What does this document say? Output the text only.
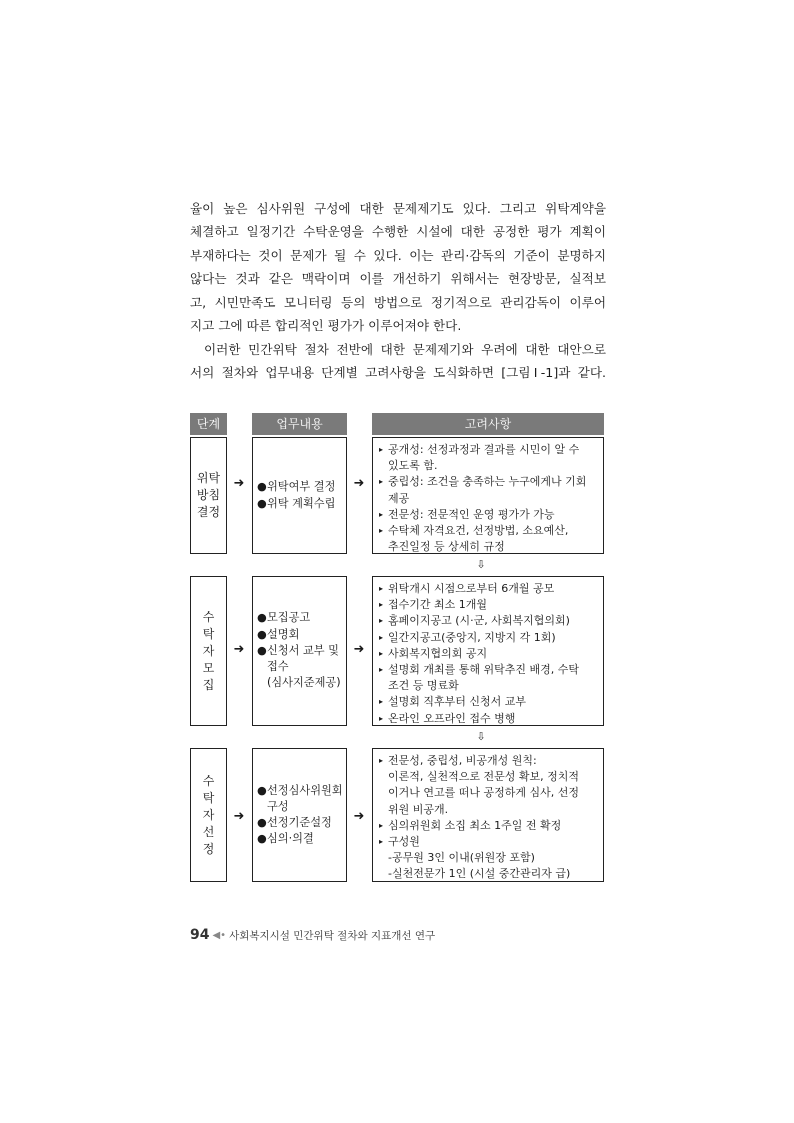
율이 높은 심사위원 구성에 대한 문제제기도 있다. 그리고 위탁계약을
체결하고 일정기간 수탁운영을 수행한 시설에 대한 공정한 평가 계획이
부재하다는 것이 문제가 될 수 있다. 이는 관리·감독의 기준이 분명하지
않다는 것과 같은 맥락이며 이를 개선하기 위해서는 현장방문, 실적보
고, 시민만족도 모니터링 등의 방법으로 정기적으로 관리감독이 이루어
지고 그에 따른 합리적인 평가가 이루어져야 한다.
이러한 민간위탁 절차 전반에 대한 문제제기와 우려에 대한 대안으로
서의 절차와 업무내용 단계별 고려사항을 도식화하면 [그림Ⅰ-1]과 같다.
단계	업무내용	고려사항
위탁
방침
결정
➜ ● 위탁여부 결정
● 위탁 계획수립
➜
▸ 공개성: 선정과정과 결과를 시민이 알 수
있도록 함.
▸ 중립성: 조건을 충족하는 누구에게나 기회
제공
▸ 전문성: 전문적인 운영 평가가 가능
▸ 수탁체 자격요건, 선정방법, 소요예산,
추진일정 등 상세히 규정
⇩
수
탁
자
모
집
➜
● 모집공고
● 설명회
● 신청서 교부 및
접수
(심사지준제공)
➜
▸ 위탁개시 시점으로부터 6개월 공모
▸ 접수기간 최소 1개월
▸ 홈페이지공고 (시·군, 사회복지협의회)
▸ 일간지공고(중앙지, 지방지 각 1회)
▸ 사회복지협의회 공지
▸ 설명회 개최를 통해 위탁추진 배경, 수탁
조건 등 명료화
▸ 설명회 직후부터 신청서 교부
▸ 온라인 오프라인 접수 병행
⇩
수
탁
자
선
정
➜
● 선정심사위원회
구성
● 선정기준설정
● 심의·의결
➜
▸ 전문성, 중립성, 비공개성 원칙:
이론적, 실천적으로 전문성 확보, 정치적
이거나 연고를 떠나 공정하게 심사, 선정
위원 비공개.
▸ 심의위원회 소집 최소 1주일 전 확정
▸ 구성원
-공무원 3인 이내(위원장 포함)
-실천전문가 1인 (시설 중간관리자 급)
94 ◀• 사회복지시설 민간위탁 절차와 지표개선 연구
